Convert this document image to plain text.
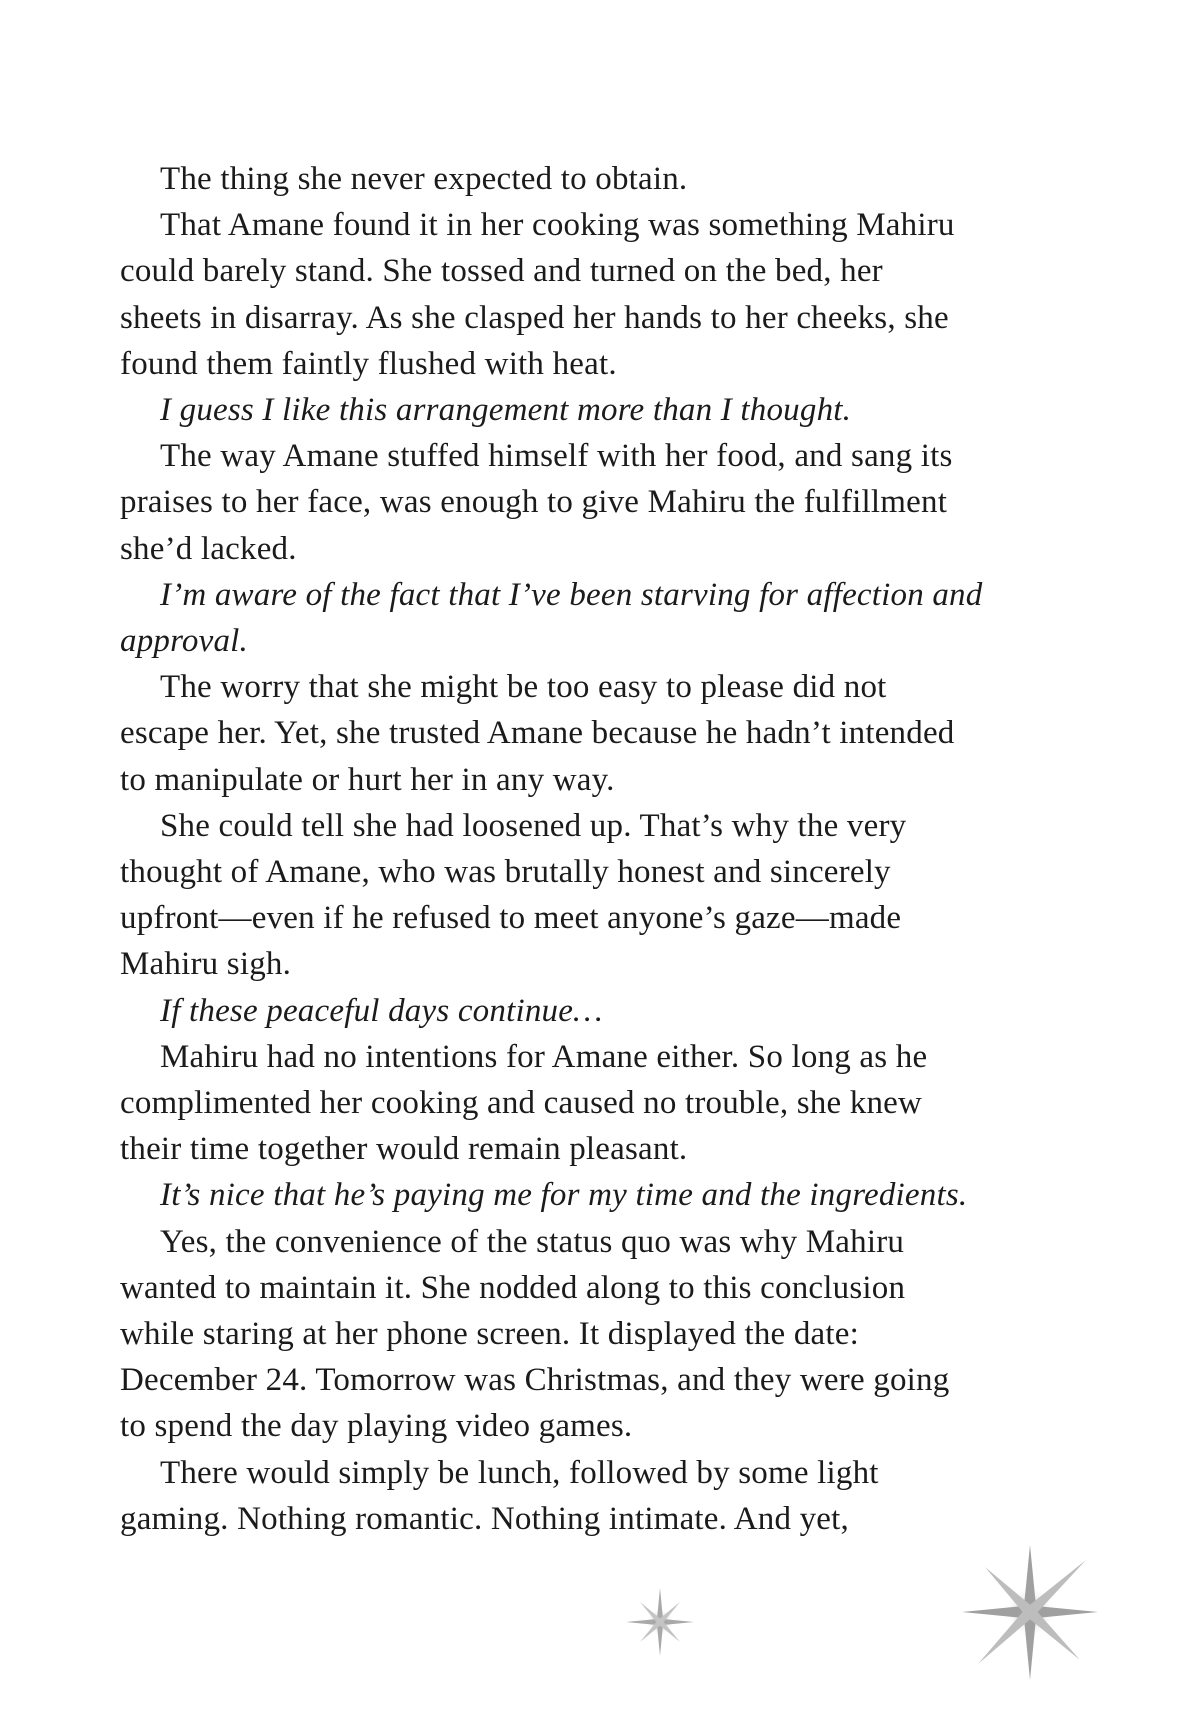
The thing she never expected to obtain.

That Amane found it in her cooking was something Mahiru
could barely stand. She tossed and turned on the bed, her
sheets in disarray. As she clasped her hands to her cheeks, she
found them faintly flushed with heat.

I guess I like this arrangement more than I thought.

The way Amane stuffed himself with her food, and sang its
praises to her face, was enough to give Mahiru the fulfillment
she’d lacked.

I’m aware of the fact that I’ve been starving for affection and
approval.

The worry that she might be too easy to please did not
escape her. Yet, she trusted Amane because he hadn’t intended
to manipulate or hurt her in any way.

She could tell she had loosened up. That’s why the very
thought of Amane, who was brutally honest and sincerely
upfront—even if he refused to meet anyone’s gaze—made
Mahiru sigh.

If these peaceful days continue…

Mahiru had no intentions for Amane either. So long as he
complimented her cooking and caused no trouble, she knew
their time together would remain pleasant.

It’s nice that he’s paying me for my time and the ingredients.

Yes, the convenience of the status quo was why Mahiru
wanted to maintain it. She nodded along to this conclusion
while staring at her phone screen. It displayed the date:
December 24. Tomorrow was Christmas, and they were going
to spend the day playing video games.

There would simply be lunch, followed by some light
gaming. Nothing romantic. Nothing intimate. And yet,
